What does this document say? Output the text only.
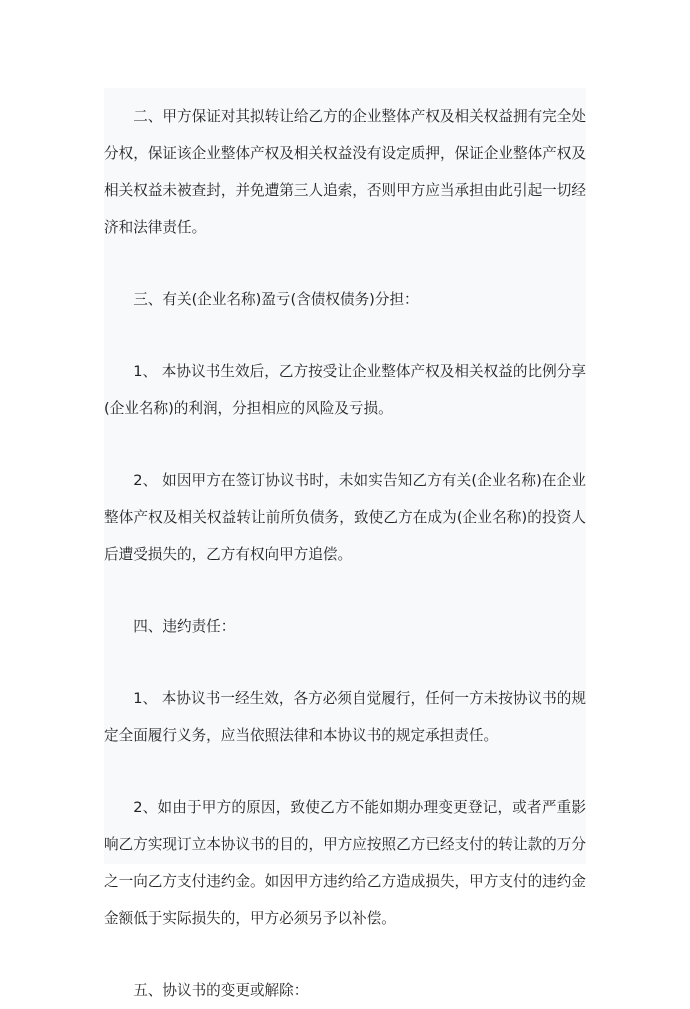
二、甲方保证对其拟转让给乙方的企业整体产权及相关权益拥有完全处分权，保证该企业整体产权及相关权益没有设定质押，保证企业整体产权及相关权益未被查封，并免遭第三人追索，否则甲方应当承担由此引起一切经济和法律责任。

三、有关(企业名称)盈亏(含债权债务)分担：

1、 本协议书生效后，乙方按受让企业整体产权及相关权益的比例分享(企业名称)的利润，分担相应的风险及亏损。

2、 如因甲方在签订协议书时，未如实告知乙方有关(企业名称)在企业整体产权及相关权益转让前所负债务，致使乙方在成为(企业名称)的投资人后遭受损失的，乙方有权向甲方追偿。

四、违约责任：

1、 本协议书一经生效，各方必须自觉履行，任何一方未按协议书的规定全面履行义务，应当依照法律和本协议书的规定承担责任。

2、如由于甲方的原因，致使乙方不能如期办理变更登记，或者严重影响乙方实现订立本协议书的目的，甲方应按照乙方已经支付的转让款的万分之一向乙方支付违约金。如因甲方违约给乙方造成损失，甲方支付的违约金金额低于实际损失的，甲方必须另予以补偿。

五、协议书的变更或解除：
